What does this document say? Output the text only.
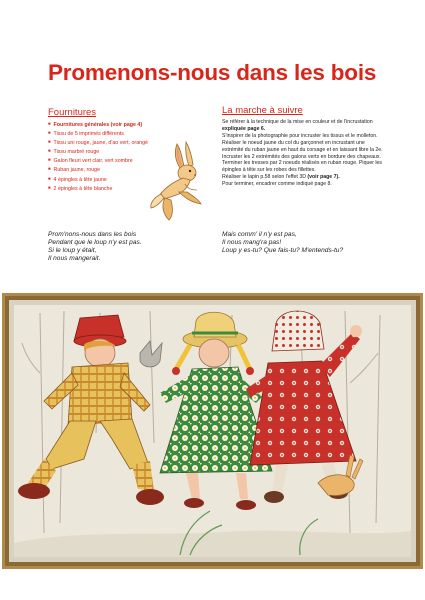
Promenons-nous dans les bois
Fournitures
■ Fournitures générales (voir page 4)
■ Tissu de 5 imprimés différents
■ Tissu uni rouge, jaune, d'ao vert, orangé
■ Tissu marbré rouge
■ Galon fleuri vert clair, vert sombre
■ Ruban jaune, rouge
■ 4 épingles à tête jaune
■ 2 épingles à tête blanche
La marche à suivre

Se référer à la technique de la mise en couleur et de l'incrustation expliquée page 6.

S'inspirer de la photographie pour incruster les tissus et le molleton.

Réaliser le noeud jaune du col du garçonnet en incrustant une extrémité du ruban jaune en haut du corsage et en laissant libre la 2e.

Incruster les 2 extrémités des galons verts en bordure des chapeaux.

Terminer les tresses par 2 noeuds réalisés en ruban rouge. Piquer les épingles à tête sur les robes des fillettes.

Réaliser le lapin p.58 selon l'effet 3D (voir page 7).

Pour terminer, encadrer comme indiqué page 8.

Prom'nons-nous dans les bois

Pendant que le loup n'y est pas.

Si le loup y était,

Il nous mangerait.

Mais comm' il n'y est pas,

Il nous mang'ra pas!

Loup y es-tu? Que fais-tu? M'entends-tu?
